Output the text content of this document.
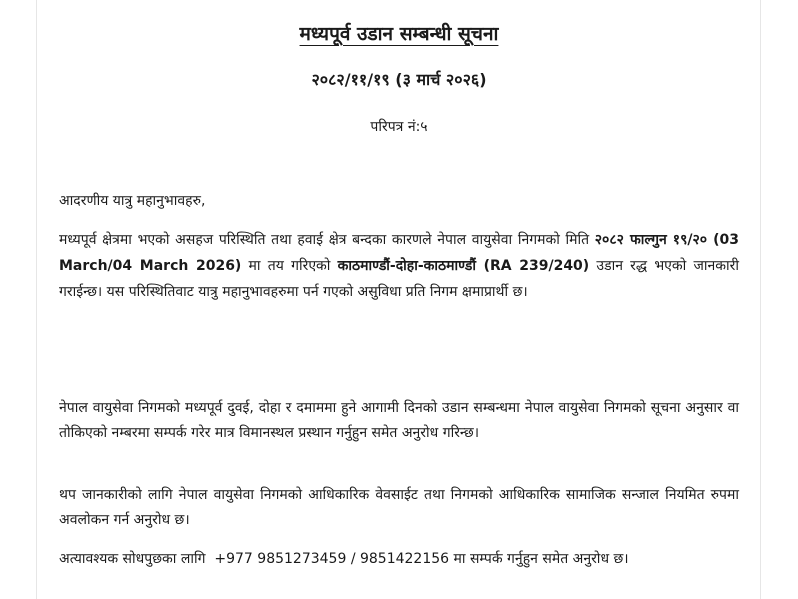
मध्यपूर्व उडान सम्बन्धी सूचना
२०८२/११/१९ (३ मार्च २०२६)
परिपत्र नं:५

आदरणीय यात्रु महानुभावहरु,

मध्यपूर्व क्षेत्रमा भएको असहज परिस्थिति तथा हवाई क्षेत्र बन्दका कारणले नेपाल वायुसेवा निगमको मिति २०८२ फाल्गुन १९/२० (03 March/04 March 2026) मा तय गरिएको काठमाण्डौं-दोहा-काठमाण्डौं (RA 239/240) उडान रद्ध भएको जानकारी गराईन्छ। यस परिस्थितिवाट यात्रु महानुभावहरुमा पर्न गएको असुविधा प्रति निगम क्षमाप्रार्थी छ।

नेपाल वायुसेवा निगमको मध्यपूर्व दुवई, दोहा र दमाममा हुने आगामी दिनको उडान सम्बन्धमा नेपाल वायुसेवा निगमको सूचना अनुसार वा तोकिएको नम्बरमा सम्पर्क गरेर मात्र विमानस्थल प्रस्थान गर्नुहुन समेत अनुरोध गरिन्छ।

थप जानकारीको लागि नेपाल वायुसेवा निगमको आधिकारिक वेवसाईट तथा निगमको आधिकारिक सामाजिक सन्जाल नियमित रुपमा अवलोकन गर्न अनुरोध छ।

अत्यावश्यक सोधपुछका लागि +977 9851273459 / 9851422156 मा सम्पर्क गर्नुहुन समेत अनुरोध छ।
